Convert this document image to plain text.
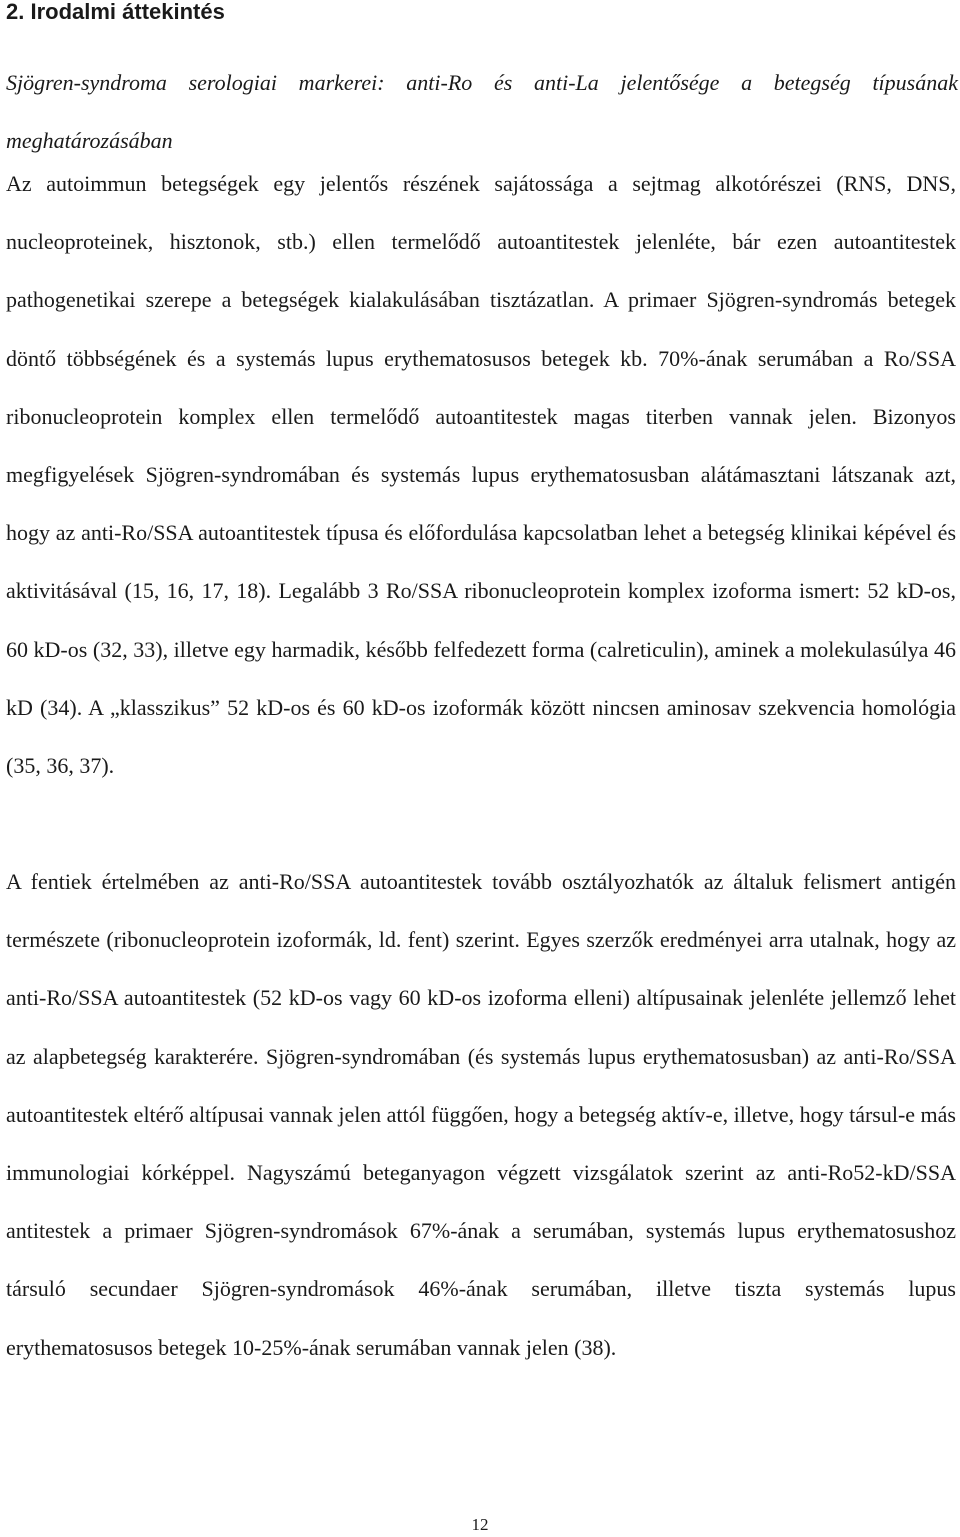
2. Irodalmi áttekintés

Sjögren-syndroma serologiai markerei: anti-Ro és anti-La jelentősége a betegség típusának meghatározásában

Az autoimmun betegségek egy jelentős részének sajátossága a sejtmag alkotórészei (RNS, DNS, nucleoproteinek, hisztonok, stb.) ellen termelődő autoantitestek jelenléte, bár ezen autoantitestek pathogenetikai szerepe a betegségek kialakulásában tisztázatlan. A primaer Sjögren-syndromás betegek döntő többségének és a systemás lupus erythematosusos betegek kb. 70%-ának serumában a Ro/SSA ribonucleoprotein komplex ellen termelődő autoantitestek magas titerben vannak jelen. Bizonyos megfigyelések Sjögren-syndromában és systemás lupus erythematosusban alátámasztani látszanak azt, hogy az anti-Ro/SSA autoantitestek típusa és előfordulása kapcsolatban lehet a betegség klinikai képével és aktivitásával (15, 16, 17, 18). Legalább 3 Ro/SSA ribonucleoprotein komplex izoforma ismert: 52 kD-os, 60 kD-os (32, 33), illetve egy harmadik, később felfedezett forma (calreticulin), aminek a molekulasúlya 46 kD (34). A „klasszikus” 52 kD-os és 60 kD-os izoformák között nincsen aminosav szekvencia homológia (35, 36, 37).

A fentiek értelmében az anti-Ro/SSA autoantitestek tovább osztályozhatók az általuk felismert antigén természete (ribonucleoprotein izoformák, ld. fent) szerint. Egyes szerzők eredményei arra utalnak, hogy az anti-Ro/SSA autoantitestek (52 kD-os vagy 60 kD-os izoforma elleni) altípusainak jelenléte jellemző lehet az alapbetegség karakterére. Sjögren-syndromában (és systemás lupus erythematosusban) az anti-Ro/SSA autoantitestek eltérő altípusai vannak jelen attól függően, hogy a betegség aktív-e, illetve, hogy társul-e más immunologiai kórképpel. Nagyszámú beteganyagon végzett vizsgálatok szerint az anti-Ro52-kD/SSA antitestek a primaer Sjögren-syndromások 67%-ának a serumában, systemás lupus erythematosushoz társuló secundaer Sjögren-syndromások 46%-ának serumában, illetve tiszta systemás lupus erythematosusos betegek 10-25%-ának serumában vannak jelen (38).

12
